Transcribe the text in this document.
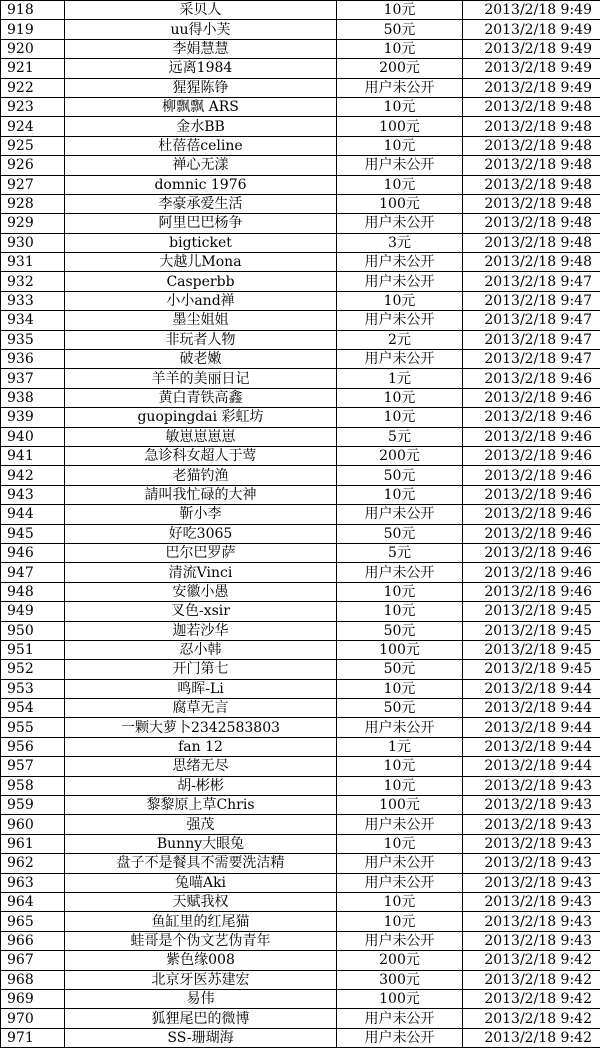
918	采贝人	10元	2013/2/18 9:49
919	uu得小芙	50元	2013/2/18 9:49
920	李娟慧慧	10元	2013/2/18 9:49
921	远离1984	200元	2013/2/18 9:49
922	猩猩陈铮	用户未公开	2013/2/18 9:49
923	柳飘飘 ARS	10元	2013/2/18 9:48
924	金水BB	100元	2013/2/18 9:48
925	杜蓓蓓celine	10元	2013/2/18 9:48
926	禅心无漾	用户未公开	2013/2/18 9:48
927	domnic 1976	10元	2013/2/18 9:48
928	李豪承爱生活	100元	2013/2/18 9:48
929	阿里巴巴杨争	用户未公开	2013/2/18 9:48
930	bigticket	3元	2013/2/18 9:48
931	大越儿Mona	用户未公开	2013/2/18 9:48
932	Casperbb	用户未公开	2013/2/18 9:47
933	小小and禅	10元	2013/2/18 9:47
934	墨尘姐姐	用户未公开	2013/2/18 9:47
935	非玩者人物	2元	2013/2/18 9:47
936	破老嫩	用户未公开	2013/2/18 9:47
937	羊羊的美丽日记	1元	2013/2/18 9:46
938	黄白青铁高鑫	10元	2013/2/18 9:46
939	guopingdai 彩虹坊	10元	2013/2/18 9:46
940	敏崽崽崽崽	5元	2013/2/18 9:46
941	急诊科女超人于莺	200元	2013/2/18 9:46
942	老猫钓渔	50元	2013/2/18 9:46
943	請叫我忙碌的大神	10元	2013/2/18 9:46
944	靳小李	用户未公开	2013/2/18 9:46
945	好吃3065	50元	2013/2/18 9:46
946	巴尔巴罗萨	5元	2013/2/18 9:46
947	清流Vinci	用户未公开	2013/2/18 9:46
948	安徽小愚	10元	2013/2/18 9:46
949	叉色-xsir	10元	2013/2/18 9:45
950	迦若沙华	50元	2013/2/18 9:45
951	忍小韩	100元	2013/2/18 9:45
952	开门第七	50元	2013/2/18 9:45
953	鸣晖-Li	10元	2013/2/18 9:44
954	腐草无言	50元	2013/2/18 9:44
955	一颗大萝卜2342583803	用户未公开	2013/2/18 9:44
956	fan 12	1元	2013/2/18 9:44
957	思绪无尽	10元	2013/2/18 9:44
958	胡-彬彬	10元	2013/2/18 9:43
959	黎黎原上草Chris	100元	2013/2/18 9:43
960	强茂	用户未公开	2013/2/18 9:43
961	Bunny大眼兔	10元	2013/2/18 9:43
962	盘子不是餐具不需要洗洁精	用户未公开	2013/2/18 9:43
963	兔喵Aki	用户未公开	2013/2/18 9:43
964	天赋我权	10元	2013/2/18 9:43
965	鱼缸里的红尾猫	10元	2013/2/18 9:43
966	蛙哥是个伪文艺伪青年	用户未公开	2013/2/18 9:43
967	紫色缘008	200元	2013/2/18 9:42
968	北京牙医苏建宏	300元	2013/2/18 9:42
969	易伟	100元	2013/2/18 9:42
970	狐狸尾巴的微博	用户未公开	2013/2/18 9:42
971	SS-珊瑚海	用户未公开	2013/2/18 9:42
